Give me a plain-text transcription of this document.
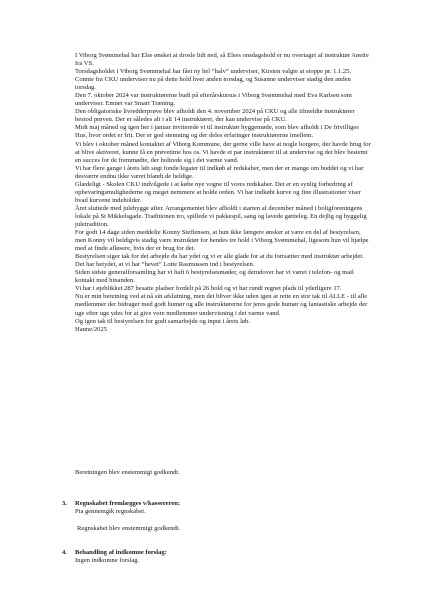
I Viborg Svømmehal har Else ønsket at drosle lidt ned, så Elses onsdagshold er nu overtaget af instruktør Anette fra VS.

Torsdagsholdet i Viborg Svømmehal har fået ny hel “halv” underviser, Kirsten valgte at stoppe pr. 1.1.25. Connie fra CKU underviser nu på dette hold hver anden torsdag, og Susanne underviser stadig den anden torsdag.

Den 7. oktober 2024 var instruktørerne budt på efterårskursus i Viborg Svømmehal med Eva Karlsen som underviser. Emnet var Smart Træning.

Den obligatoriske livredderprøve blev afholdt den 4. november 2024 på CKU og alle tilmeldte instruktører bestod prøven. Der er således alt i alt 14 instruktører, der kan undervise på CKU.

Midt maj måned og igen her i januar inviterede vi til instruktør hyggemøde, som blev afholdt i De frivilliges Hus, hvor ordet er frit. Der er god stemning og der deles erfaringer instruktørerne imellem.

Vi blev i oktober måned kontaktet af Viborg Kommune, der gerne ville have at nogle borgere, der havde brug for at blive aktiveret, kunne få en prøvetime hos os. Vi havde et par instruktører til at undervise og det blev bestemt en succes for de fremmødte, der boltrede sig i det varme vand.

Vi har flere gange i årets løb søgt fonde/legater til indkøb af redskaber, men der er mange om buddet og vi har desværre endnu ikke været blandt de heldige.

Glædeligt - Skolen CKU indvilgede i at købe nye vogne til vores redskaber. Det er en synlig forbedring af opbevaringsmulighederne og meget nemmere at holde orden. Vi har indkøbt kurve og fine illustrationer viser hvad kurvene indeholder.

Året sluttede med julehygge after. Arrangementet blev afholdt i starten af december måned i boligforeningens lokale på St Mikkelsgade. Traditionen tro, spillede vi pakkespil, sang og lavede gætteleg. En dejlig og hyggelig juletradition.

For godt 14 dage siden meddelte Konny Steffensen, at hun ikke længere ønsker at være en del af bestyrelsen, men Konny vil heldigvis stadig være instruktør for hendes tre hold i Viborg Svømmehal, ligesom hun vil hjælpe med at finde afløsere, hvis der er brug for det.

Bestyrelsen siger tak for det arbejde du har ydet og vi er alle glade for at du fortsætter med instruktør arbejdet.

Det har betydet, at vi har “hevet” Lotte Rasmussen ind i bestyrelsen.

Siden sidste generalforsamling har vi haft 6 bestyrelsesmøder, og derudover har vi været i telefon- og mail kontakt med hinanden.

Vi har i øjeblikket 287 besatte pladser fordelt på 26 hold og vi har rundt regnet plads til yderligere 17.

Nu er min beretning ved at nå sin afslutning, men det bliver ikke uden igen at rette en stor tak til ALLE - til alle medlemmer der bidrager med godt humør og alle instruktørerne for jeres gode humør og fantastiske arbejde der uge efter uge ydes for at give vore medlemmer undervisning i det varme vand.

Og igen tak til bestyrelsen for godt samarbejde og input i årets løb.

Hanne/2025

Beretningen blev enstemmigt godkendt.

3. Regnskabet fremlægges v/kassereren:

Pia gennemgik regnskabet.

Regnskabet blev enstemmigt godkendt.

4. Behandling af indkomne forslag:

Ingen indkomne forslag.
